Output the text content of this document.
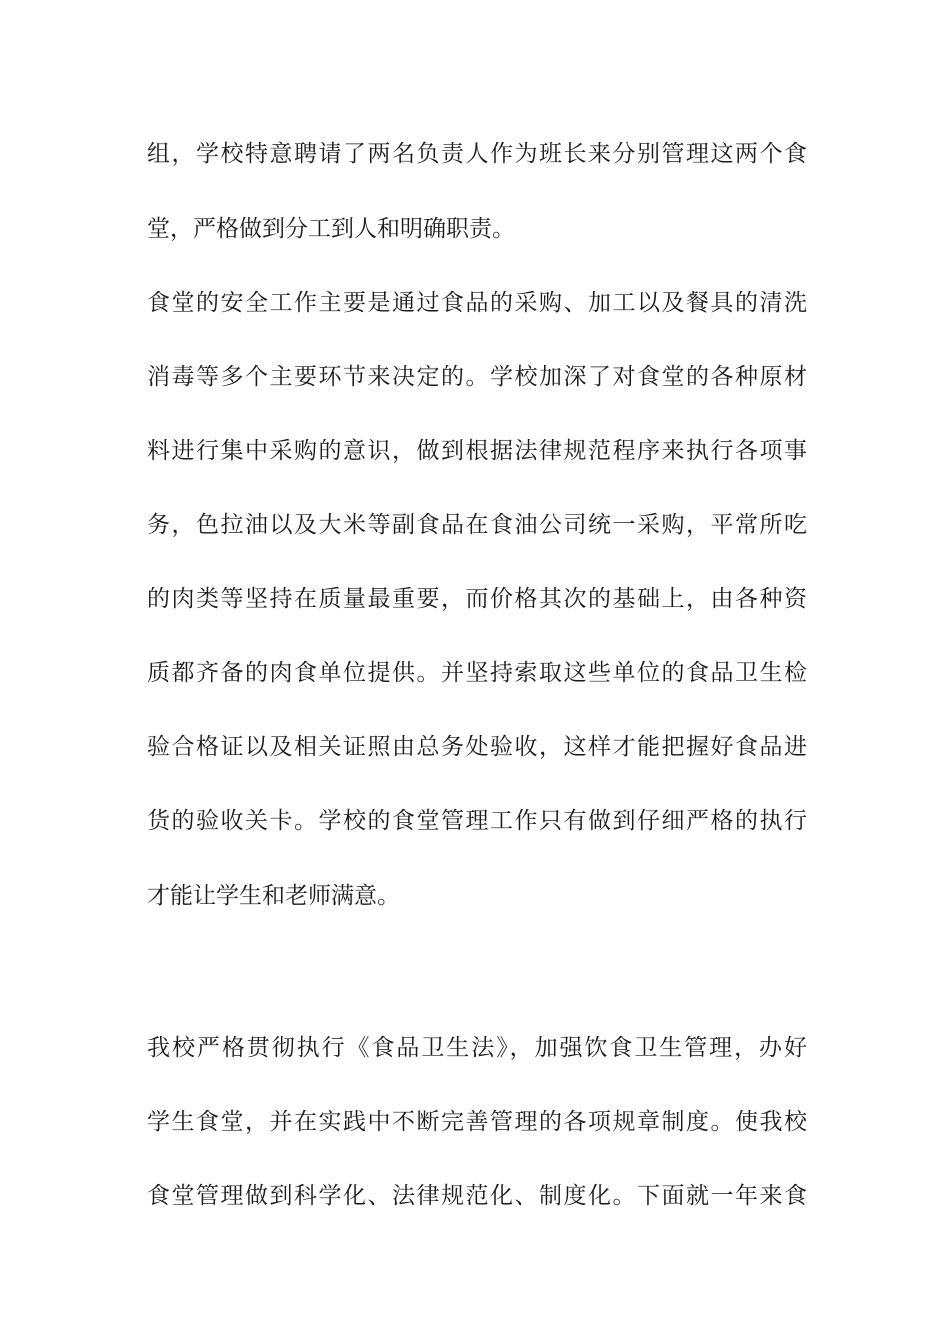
组，学校特意聘请了两名负责人作为班长来分别管理这两个食
堂，严格做到分工到人和明确职责。
食堂的安全工作主要是通过食品的采购、加工以及餐具的清洗
消毒等多个主要环节来决定的。学校加深了对食堂的各种原材
料进行集中采购的意识，做到根据法律规范程序来执行各项事
务，色拉油以及大米等副食品在食油公司统一采购，平常所吃
的肉类等坚持在质量最重要，而价格其次的基础上，由各种资
质都齐备的肉食单位提供。并坚持索取这些单位的食品卫生检
验合格证以及相关证照由总务处验收，这样才能把握好食品进
货的验收关卡。学校的食堂管理工作只有做到仔细严格的执行
才能让学生和老师满意。
我校严格贯彻执行《食品卫生法》，加强饮食卫生管理，办好
学生食堂，并在实践中不断完善管理的各项规章制度。使我校
食堂管理做到科学化、法律规范化、制度化。下面就一年来食
